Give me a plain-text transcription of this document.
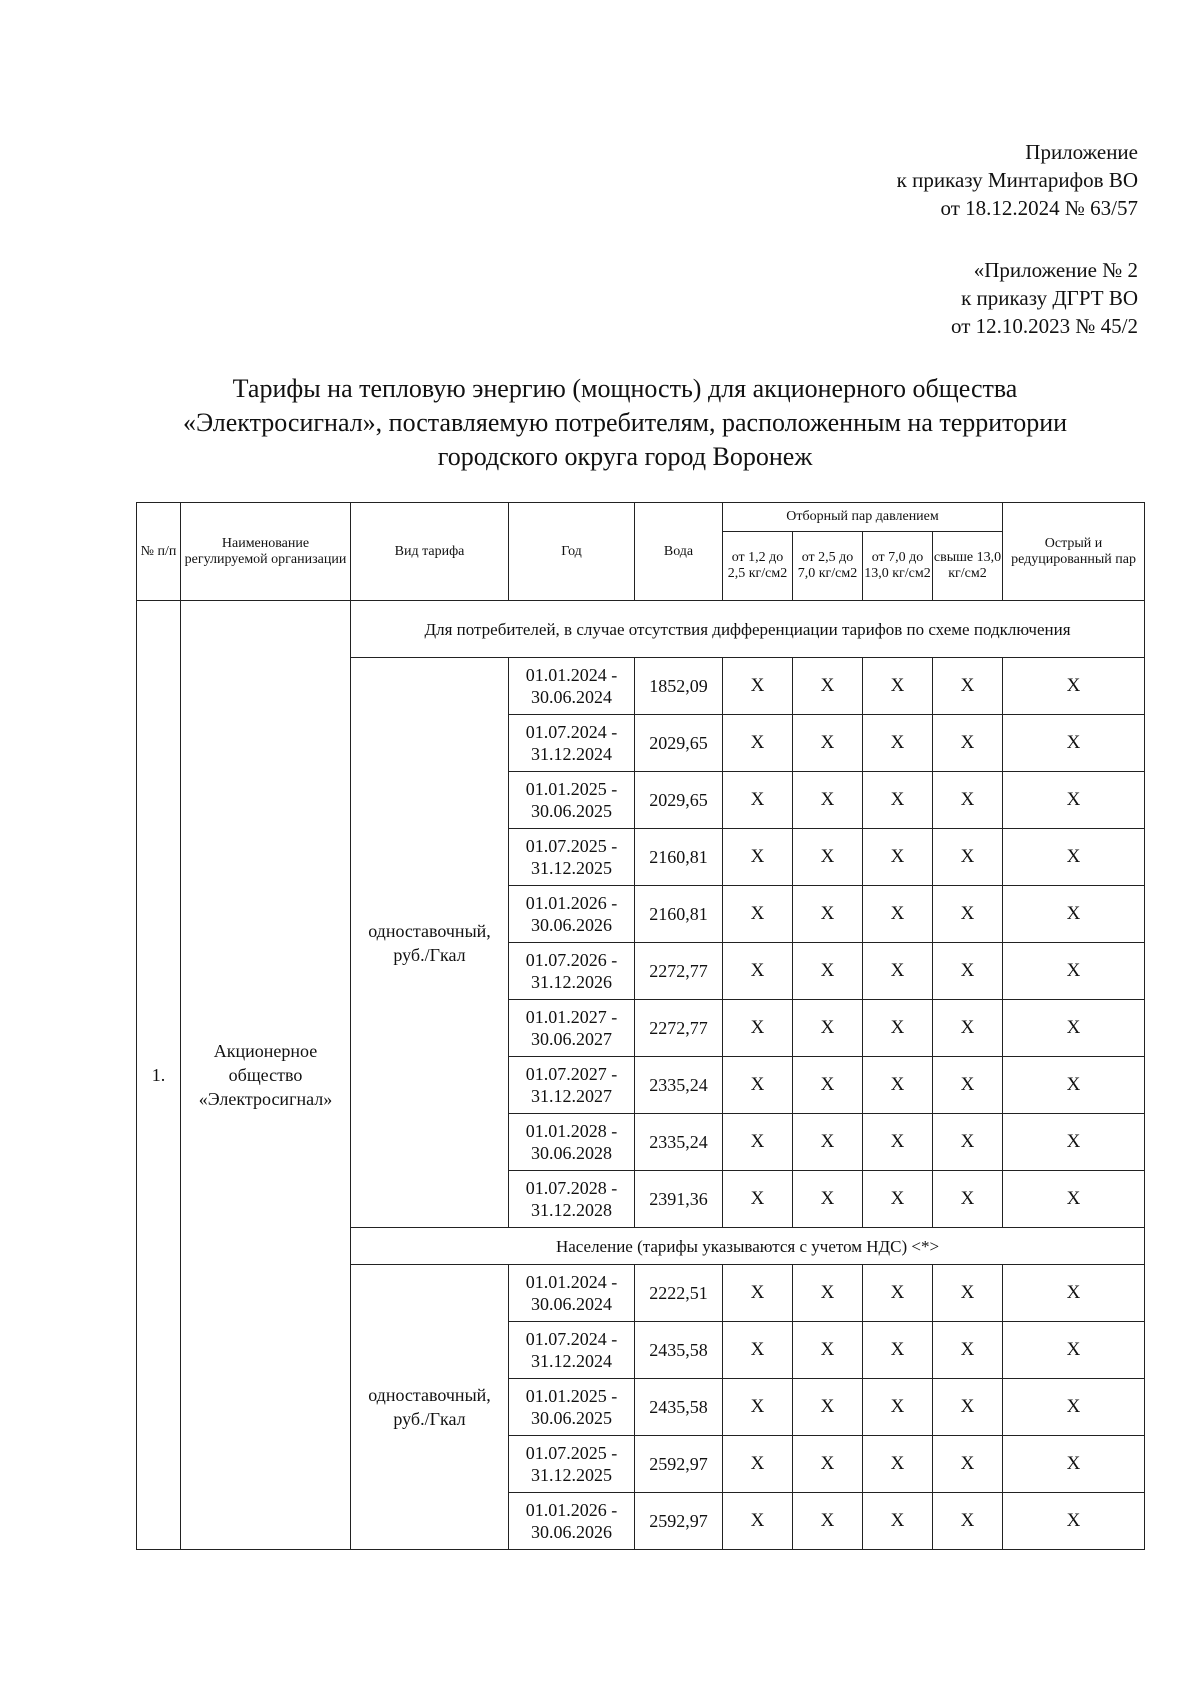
Приложение
к приказу Минтарифов ВО
от 18.12.2024 № 63/57
«Приложение № 2
к приказу ДГРТ ВО
от 12.10.2023 № 45/2
Тарифы на тепловую энергию (мощность) для акционерного общества
«Электросигнал», поставляемую потребителям, расположенным на территории
городского округа город Воронеж
№ п/п	Наименование регулируемой организации	Вид тарифа	Год	Вода	Отборный пар давлением				Острый и редуцированный пар
					от 1,2 до 2,5 кг/см2	от 2,5 до 7,0 кг/см2	от 7,0 до 13,0 кг/см2	свыше 13,0 кг/см2	
1.	Акционерное общество «Электросигнал»	Для потребителей, в случае отсутствия дифференциации тарифов по схеме подключения							
		одноставочный, руб./Гкал	01.01.2024 - 30.06.2024	1852,09	X	X	X	X	X
			01.07.2024 - 31.12.2024	2029,65	X	X	X	X	X
			01.01.2025 - 30.06.2025	2029,65	X	X	X	X	X
			01.07.2025 - 31.12.2025	2160,81	X	X	X	X	X
			01.01.2026 - 30.06.2026	2160,81	X	X	X	X	X
			01.07.2026 - 31.12.2026	2272,77	X	X	X	X	X
			01.01.2027 - 30.06.2027	2272,77	X	X	X	X	X
			01.07.2027 - 31.12.2027	2335,24	X	X	X	X	X
			01.01.2028 - 30.06.2028	2335,24	X	X	X	X	X
			01.07.2028 - 31.12.2028	2391,36	X	X	X	X	X
		Население (тарифы указываются с учетом НДС) <*>							
		одноставочный, руб./Гкал	01.01.2024 - 30.06.2024	2222,51	X	X	X	X	X
			01.07.2024 - 31.12.2024	2435,58	X	X	X	X	X
			01.01.2025 - 30.06.2025	2435,58	X	X	X	X	X
			01.07.2025 - 31.12.2025	2592,97	X	X	X	X	X
			01.01.2026 - 30.06.2026	2592,97	X	X	X	X	X
